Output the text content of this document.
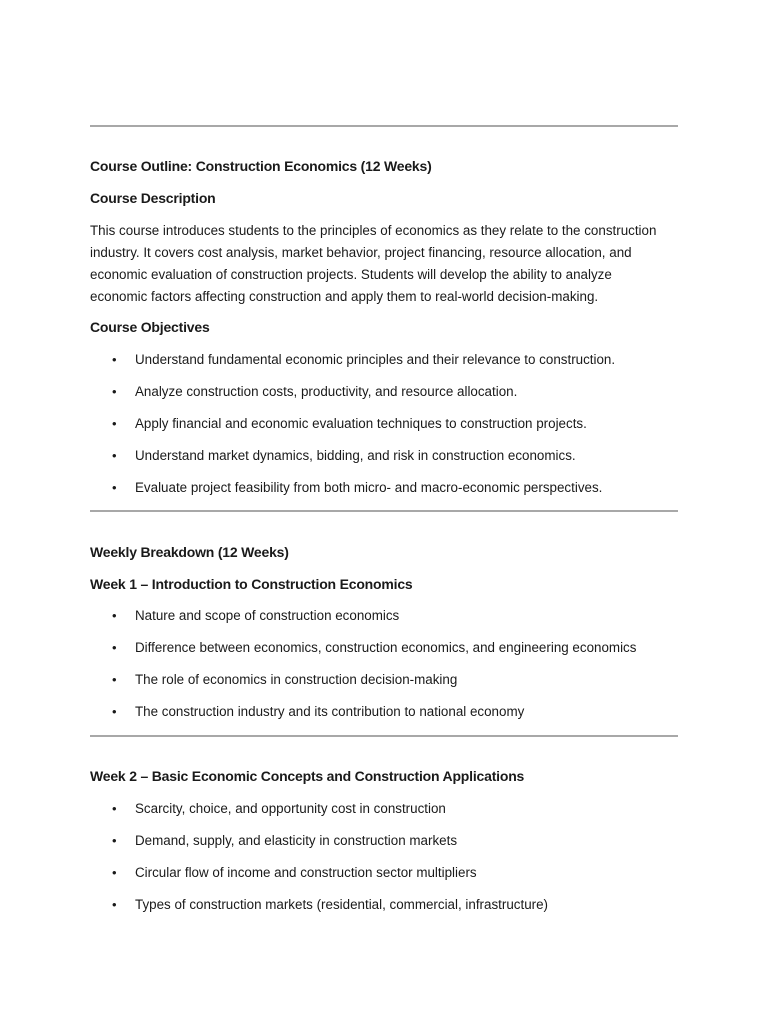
Course Outline: Construction Economics (12 Weeks)
Course Description
This course introduces students to the principles of economics as they relate to the construction
industry. It covers cost analysis, market behavior, project financing, resource allocation, and
economic evaluation of construction projects. Students will develop the ability to analyze
economic factors affecting construction and apply them to real-world decision-making.
Course Objectives
• Understand fundamental economic principles and their relevance to construction.
• Analyze construction costs, productivity, and resource allocation.
• Apply financial and economic evaluation techniques to construction projects.
• Understand market dynamics, bidding, and risk in construction economics.
• Evaluate project feasibility from both micro- and macro-economic perspectives.
Weekly Breakdown (12 Weeks)
Week 1 – Introduction to Construction Economics
• Nature and scope of construction economics
• Difference between economics, construction economics, and engineering economics
• The role of economics in construction decision-making
• The construction industry and its contribution to national economy
Week 2 – Basic Economic Concepts and Construction Applications
• Scarcity, choice, and opportunity cost in construction
• Demand, supply, and elasticity in construction markets
• Circular flow of income and construction sector multipliers
• Types of construction markets (residential, commercial, infrastructure)
